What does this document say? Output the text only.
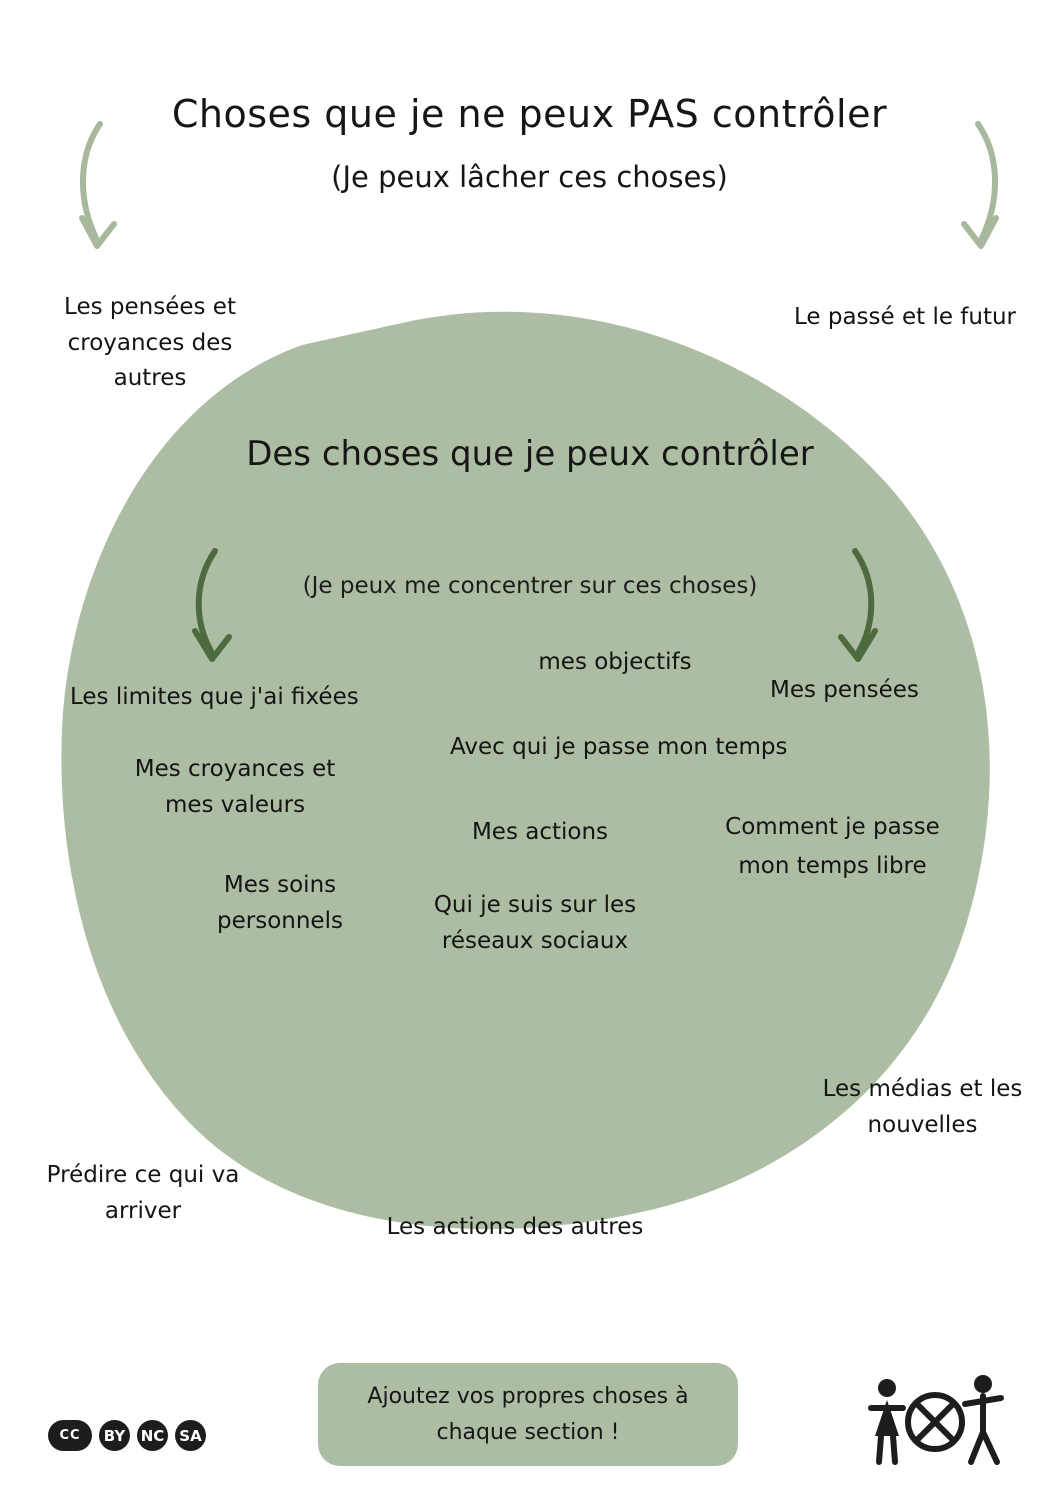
Choses que je ne peux PAS contrôler
(Je peux lâcher ces choses)
Des choses que je peux contrôler
(Je peux me concentrer sur ces choses)
Les pensées et croyances des autres
Le passé et le futur
Les médias et les nouvelles
Prédire ce qui va arriver
Les actions des autres
Les limites que j'ai fixées
mes objectifs
Mes pensées
Mes croyances et mes valeurs
Avec qui je passe mon temps
Mes actions	Comment je passe mon temps libre
Mes soins personnels
Qui je suis sur les réseaux sociaux
Ajoutez vos propres choses à chaque section !
CC	BY	NC SA
